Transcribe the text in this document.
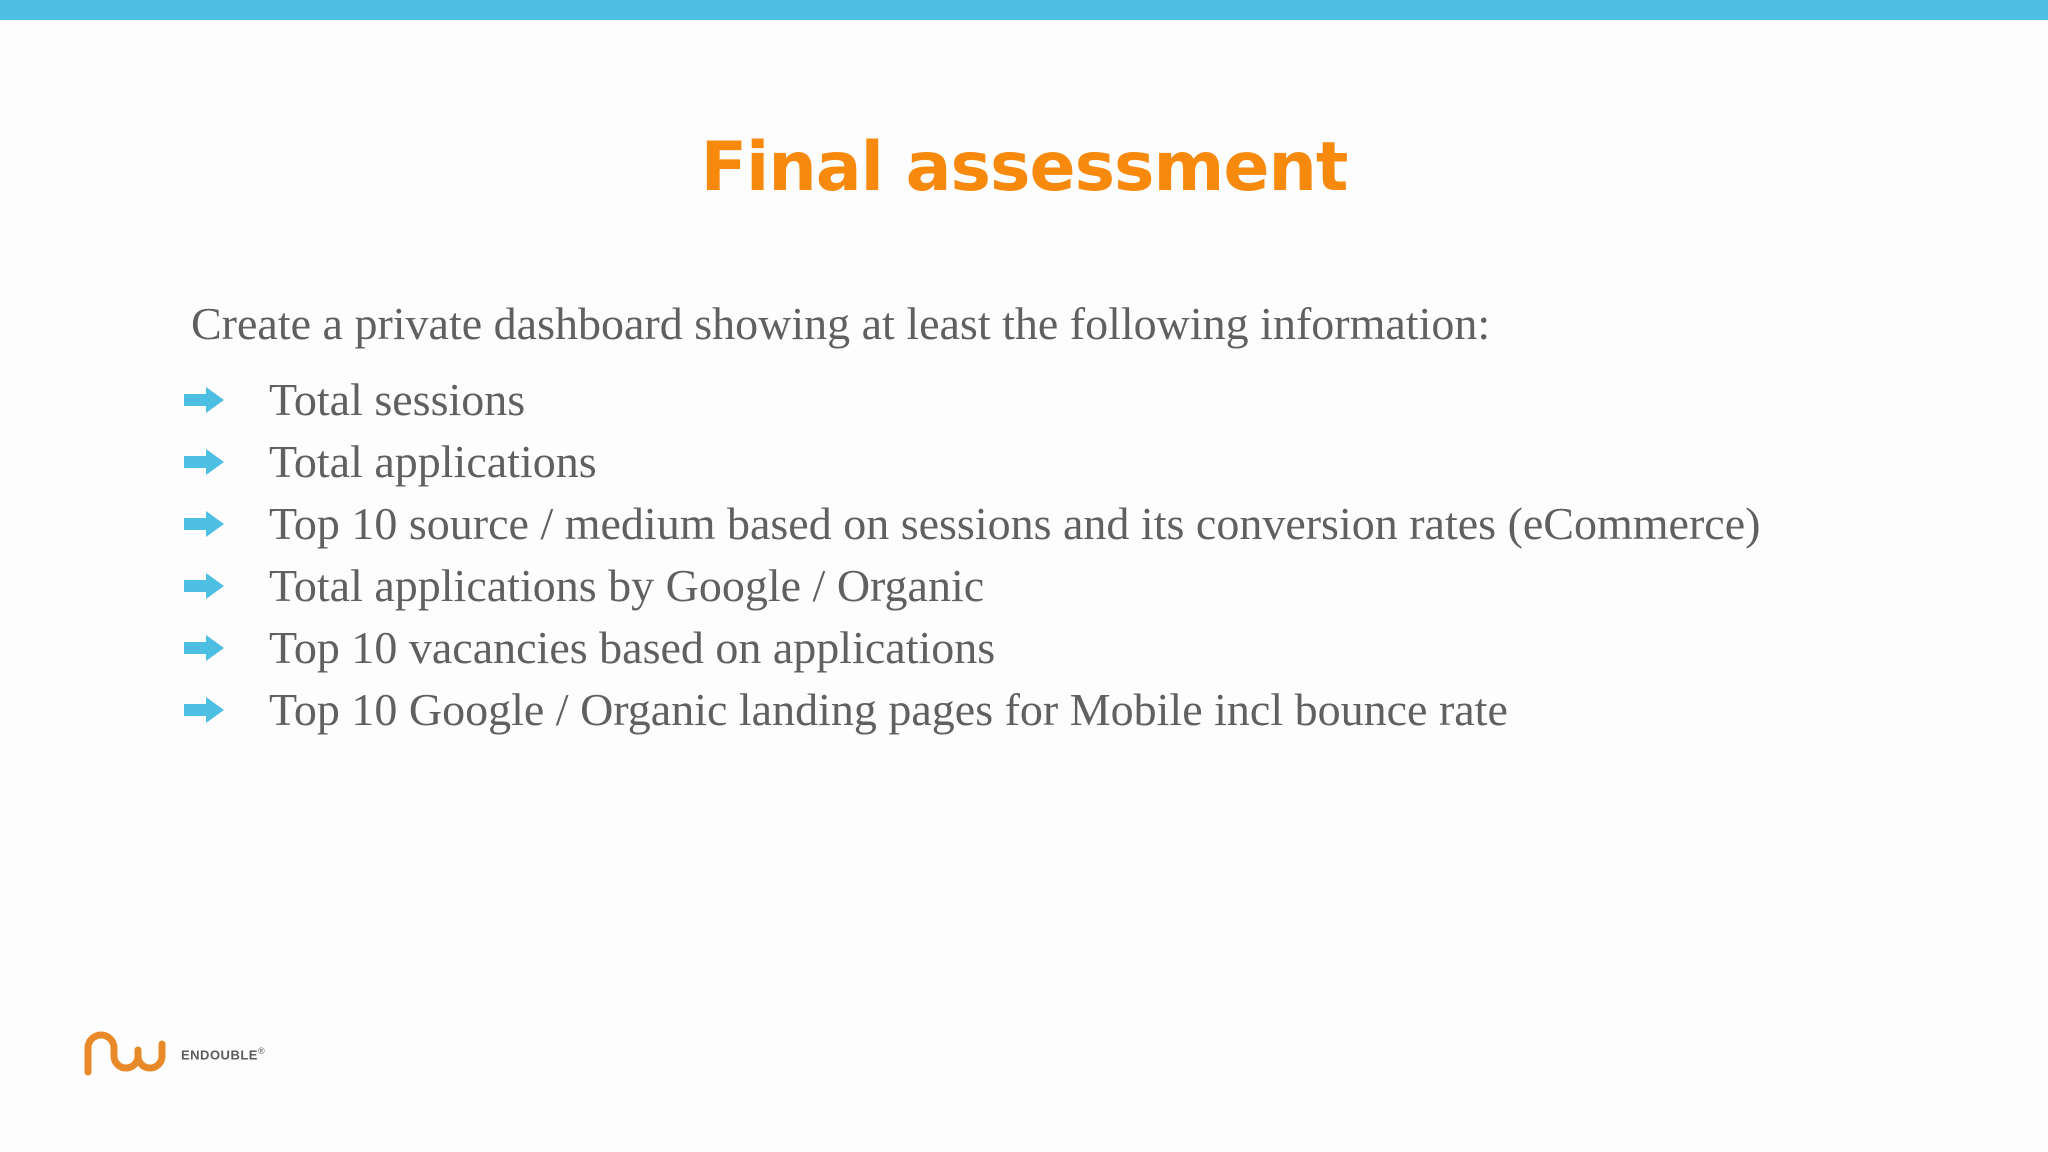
Final assessment
Create a private dashboard showing at least the following information:
Total sessions
Total applications
Top 10 source / medium based on sessions and its conversion rates (eCommerce)
Total applications by Google / Organic
Top 10 vacancies based on applications
Top 10 Google / Organic landing pages for Mobile incl bounce rate
ENDOUBLE®
